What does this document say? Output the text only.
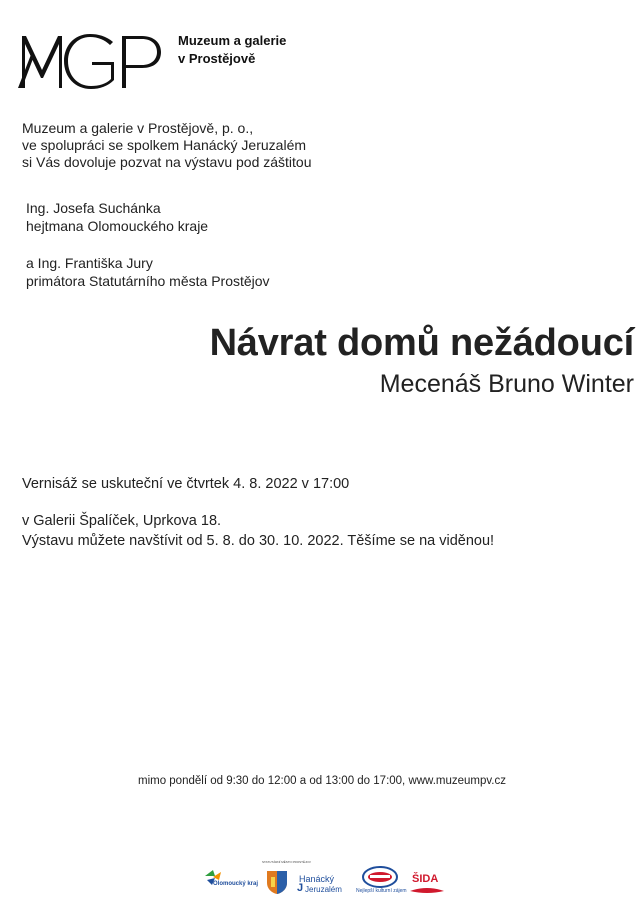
Muzeum a galerie
v Prostějově
Muzeum a galerie v Prostějově, p. o.,
ve spolupráci se spolkem Hanácký Jeruzalém
si Vás dovoluje pozvat na výstavu pod záštitou
Ing. Josefa Suchánka
hejtmana Olomouckého kraje
a Ing. Františka Jury
primátora Statutárního města Prostějov
Návrat domů nežádoucí
Mecenáš Bruno Winter
Vernisáž se uskuteční ve čtvrtek 4. 8. 2022 v 17:00
v Galerii Špalíček, Uprkova 18.
Výstavu můžete navštívit od 5. 8. do 30. 10. 2022. Těšíme se na viděnou!
mimo pondělí od 9:30 do 12:00 a od 13:00 do 17:00, www.muzeumpv.cz
Olomoucký kraj
STATUTÁRNÍ MĚSTO PROSTĚJOV
Hanácký
J Jeruzalém	Nejlepší kulturní zájem
ŠIDA
